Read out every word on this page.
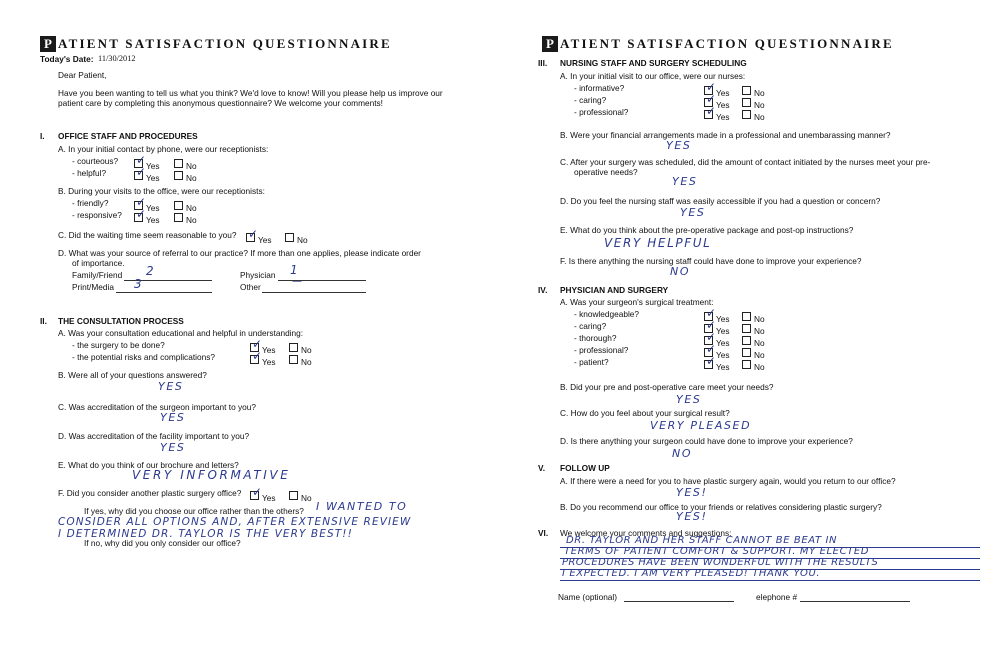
P ATIENT SATISFACTION QUESTIONNAIRE
Today's Date: 11/30/2012
Dear Patient,
Have you been wanting to tell us what you think? We'd love to know! Will you please help us improve our
patient care by completing this anonymous questionnaire? We welcome your comments!
I. OFFICE STAFF AND PROCEDURES
A. In your initial contact by phone, were our receptionists:
- courteous? ✓	Yes	No
- helpful? ✓	Yes	No
B. During your visits to the office, were our receptionists:
- friendly? ✓	Yes	No
- responsive? ✓	Yes	No
C. Did the waiting time seem reasonable to you? ✓	Yes	No
D. What was your source of referral to our practice? If more than one applies, please indicate order
of importance.
Family/Friend 2	Physician 1
Print/Media 3	Other	—
II. THE CONSULTATION PROCESS
A. Was your consultation educational and helpful in understanding:
- the surgery to be done? ✓	Yes	No
- the potential risks and complications? ✓	Yes	No
B. Were all of your questions answered?
YES
C. Was accreditation of the surgeon important to you?
YES
D. Was accreditation of the facility important to you?
YES
E. What do you think of our brochure and letters?
VERY INFORMATIVE
F. Did you consider another plastic surgery office? ✓	Yes	No
If yes, why did you choose our office rather than the others? I WANTED TO
CONSIDER ALL OPTIONS AND, AFTER EXTENSIVE REVIEW
I DETERMINED DR. TAYLOR IS THE VERY BEST!!
If no, why did you only consider our office?
P ATIENT SATISFACTION QUESTIONNAIRE
III. NURSING STAFF AND SURGERY SCHEDULING
A. In your initial visit to our office, were our nurses:
- informative? ✓	Yes	No
- caring? ✓	Yes	No
- professional? ✓	Yes	No
B. Were your financial arrangements made in a professional and unembarassing manner?
YES
C. After your surgery was scheduled, did the amount of contact initiated by the nurses meet your pre-
operative needs?
YES
D. Do you feel the nursing staff was easily accessible if you had a question or concern?
YES
E. What do you think about the pre-operative package and post-op instructions?
VERY HELPFUL
F. Is there anything the nursing staff could have done to improve your experience?
NO
IV. PHYSICIAN AND SURGERY
A. Was your surgeon's surgical treatment:
- knowledgeable? ✓	Yes	No
- caring? ✓	Yes	No
- thorough? ✓	Yes	No
- professional? ✓	Yes	No
- patient? ✓	Yes	No
B. Did your pre and post-operative care meet your needs?
YES
C. How do you feel about your surgical result?
VERY PLEASED
D. Is there anything your surgeon could have done to improve your experience?
NO
V. FOLLOW UP
A. If there were a need for you to have plastic surgery again, would you return to our office?
YES!
B. Do you recommend our office to your friends or relatives considering plastic surgery?
YES!
VI. We welcome your comments and suggestions:
DR. TAYLOR AND HER STAFF CANNOT BE BEAT IN
TERMS OF PATIENT COMFORT & SUPPORT. MY ELECTED
PROCEDURES HAVE BEEN WONDERFUL WITH THE RESULTS
I EXPECTED. I AM VERY PLEASED! THANK YOU.
Name (optional)	elephone #
